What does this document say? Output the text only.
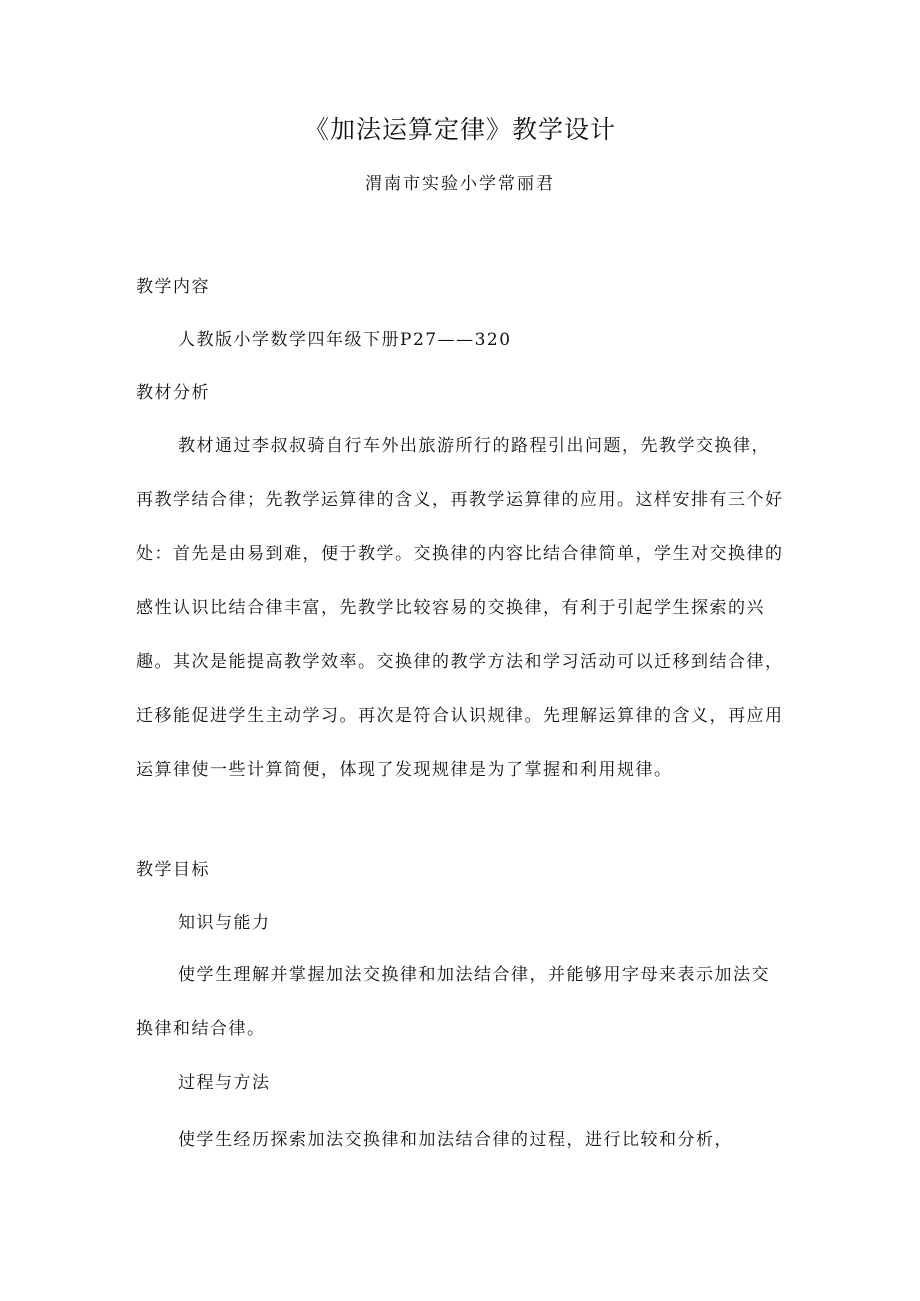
《加法运算定律》教学设计
渭南市实验小学常丽君
教学内容
人教版小学数学四年级下册P27——320
教材分析

教材通过李叔叔骑自行车外出旅游所行的路程引出问题，先教学交换律，再教学结合律；先教学运算律的含义，再教学运算律的应用。这样安排有三个好处：首先是由易到难，便于教学。交换律的内容比结合律简单，学生对交换律的感性认识比结合律丰富，先教学比较容易的交换律，有利于引起学生探索的兴趣。其次是能提高教学效率。交换律的教学方法和学习活动可以迁移到结合律，迁移能促进学生主动学习。再次是符合认识规律。先理解运算律的含义，再应用运算律使一些计算简便，体现了发现规律是为了掌握和利用规律。

教学目标
知识与能力

使学生理解并掌握加法交换律和加法结合律，并能够用字母来表示加法交换律和结合律。

过程与方法

使学生经历探索加法交换律和加法结合律的过程，进行比较和分析，
